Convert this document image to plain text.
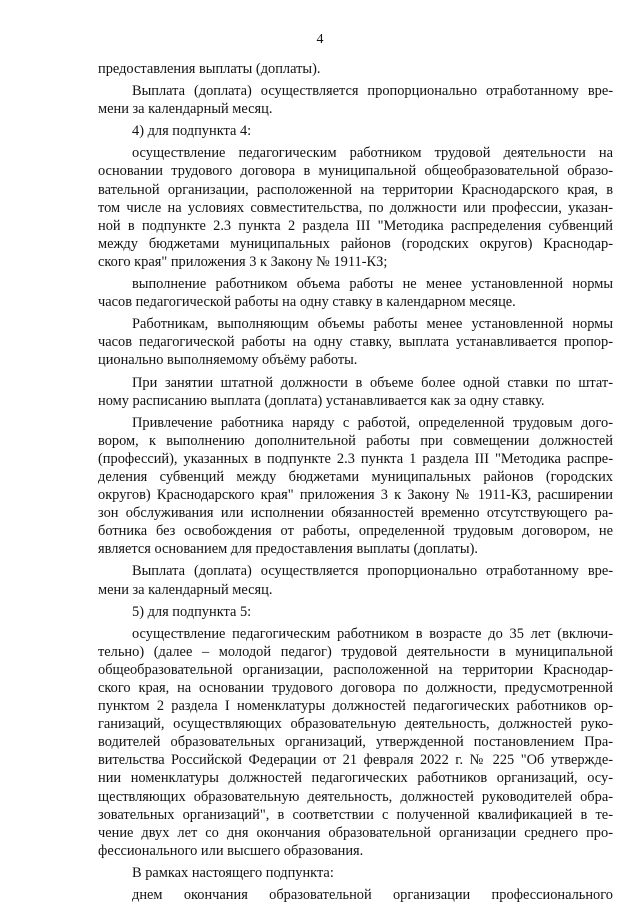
4
предоставления выплаты (доплаты).
Выплата (доплата) осуществляется пропорционально отработанному вре-
мени за календарный месяц.
4) для подпункта 4:
осуществление педагогическим работником трудовой деятельности на
основании трудового договора в муниципальной общеобразовательной образо-
вательной организации, расположенной на территории Краснодарского края, в
том числе на условиях совместительства, по должности или профессии, указан-
ной в подпункте 2.3 пункта 2 раздела III "Методика распределения субвенций
между бюджетами муниципальных районов (городских округов) Краснодар-
ского края" приложения 3 к Закону № 1911-КЗ;
выполнение работником объема работы не менее установленной нормы
часов педагогической работы на одну ставку в календарном месяце.
Работникам, выполняющим объемы работы менее установленной нормы
часов педагогической работы на одну ставку, выплата устанавливается пропор-
ционально выполняемому объёму работы.
При занятии штатной должности в объеме более одной ставки по штат-
ному расписанию выплата (доплата) устанавливается как за одну ставку.
Привлечение работника наряду с работой, определенной трудовым дого-
вором, к выполнению дополнительной работы при совмещении должностей
(профессий), указанных в подпункте 2.3 пункта 1 раздела III "Методика распре-
деления субвенций между бюджетами муниципальных районов (городских
округов) Краснодарского края" приложения 3 к Закону № 1911-КЗ, расширении
зон обслуживания или исполнении обязанностей временно отсутствующего ра-
ботника без освобождения от работы, определенной трудовым договором, не
является основанием для предоставления выплаты (доплаты).
Выплата (доплата) осуществляется пропорционально отработанному вре-
мени за календарный месяц.
5) для подпункта 5:
осуществление педагогическим работником в возрасте до 35 лет (включи-
тельно) (далее – молодой педагог) трудовой деятельности в муниципальной
общеобразовательной организации, расположенной на территории Краснодар-
ского края, на основании трудового договора по должности, предусмотренной
пунктом 2 раздела I номенклатуры должностей педагогических работников ор-
ганизаций, осуществляющих образовательную деятельность, должностей руко-
водителей образовательных организаций, утвержденной постановлением Пра-
вительства Российской Федерации от 21 февраля 2022 г. № 225 "Об утвержде-
нии номенклатуры должностей педагогических работников организаций, осу-
ществляющих образовательную деятельность, должностей руководителей обра-
зовательных организаций", в соответствии с полученной квалификацией в те-
чение двух лет со дня окончания образовательной организации среднего про-
фессионального или высшего образования.
В рамках настоящего подпункта:
днем окончания образовательной организации профессионального
